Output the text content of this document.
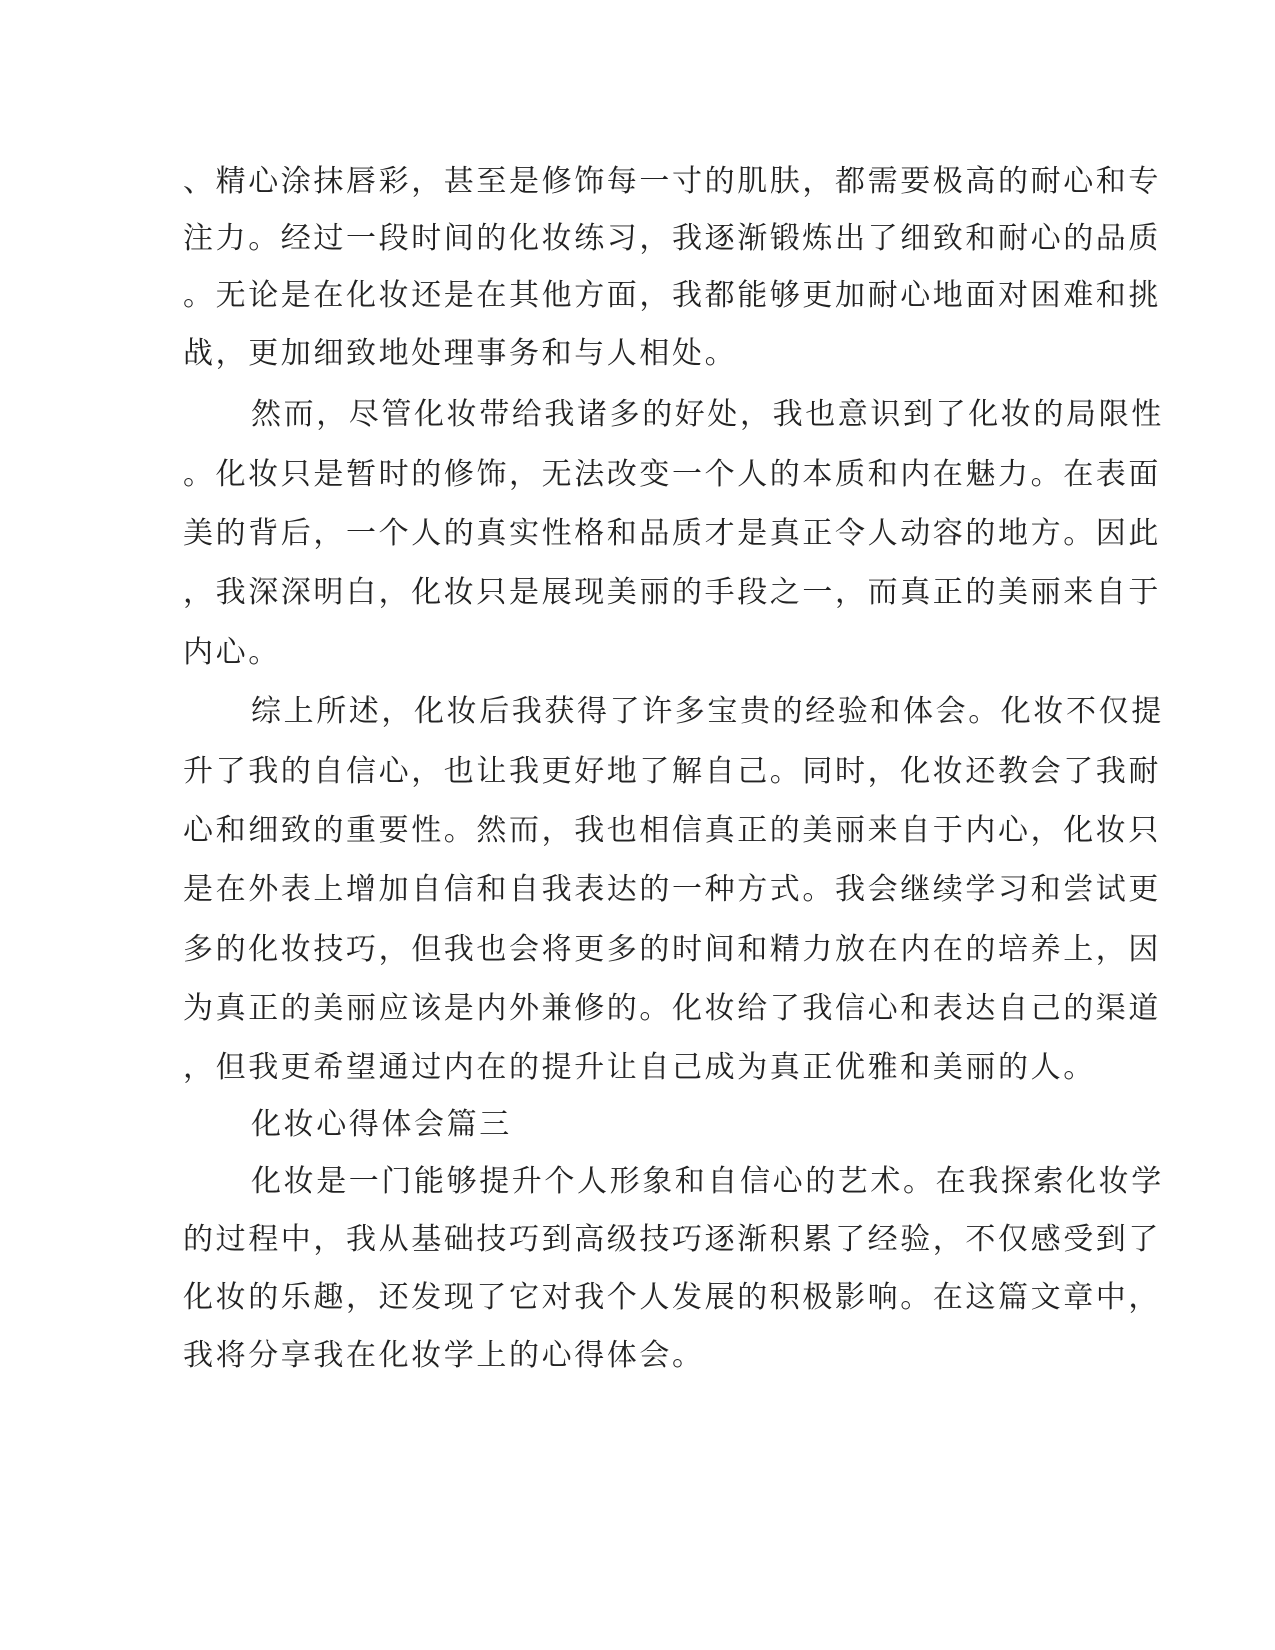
、精心涂抹唇彩，甚至是修饰每一寸的肌肤，都需要极高的耐心和专
注力。经过一段时间的化妆练习，我逐渐锻炼出了细致和耐心的品质
。无论是在化妆还是在其他方面，我都能够更加耐心地面对困难和挑
战，更加细致地处理事务和与人相处。
然而，尽管化妆带给我诸多的好处，我也意识到了化妆的局限性
。化妆只是暂时的修饰，无法改变一个人的本质和内在魅力。在表面
美的背后，一个人的真实性格和品质才是真正令人动容的地方。因此
，我深深明白，化妆只是展现美丽的手段之一，而真正的美丽来自于
内心。
综上所述，化妆后我获得了许多宝贵的经验和体会。化妆不仅提
升了我的自信心，也让我更好地了解自己。同时，化妆还教会了我耐
心和细致的重要性。然而，我也相信真正的美丽来自于内心，化妆只
是在外表上增加自信和自我表达的一种方式。我会继续学习和尝试更
多的化妆技巧，但我也会将更多的时间和精力放在内在的培养上，因
为真正的美丽应该是内外兼修的。化妆给了我信心和表达自己的渠道
，但我更希望通过内在的提升让自己成为真正优雅和美丽的人。
化妆心得体会篇三
化妆是一门能够提升个人形象和自信心的艺术。在我探索化妆学
的过程中，我从基础技巧到高级技巧逐渐积累了经验，不仅感受到了
化妆的乐趣，还发现了它对我个人发展的积极影响。在这篇文章中，
我将分享我在化妆学上的心得体会。
